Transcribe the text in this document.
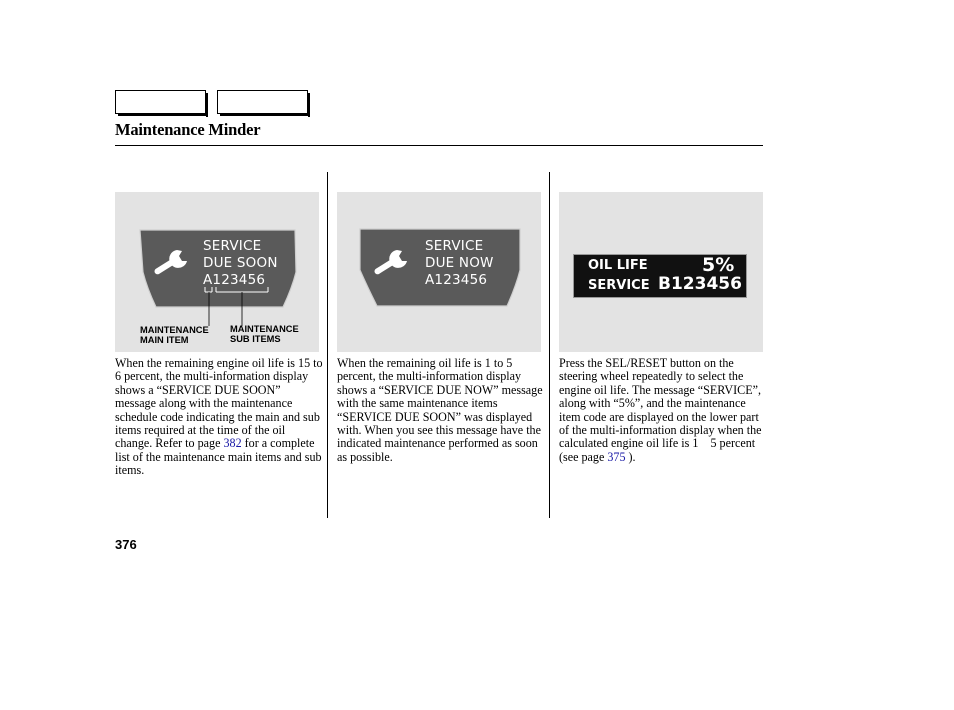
Maintenance Minder
SERVICE
DUE SOON
A123456
MAINTENANCE
MAIN ITEM
MAINTENANCE
SUB ITEMS
SERVICE
DUE NOW
A123456
OIL LIFE	5%
SERVICE B123456
When the remaining engine oil life is 15 to 6 percent, the multi-information display shows a “SERVICE DUE SOON” message along with the maintenance schedule code indicating the main and sub items required at the time of the oil change. Refer to page 382 for a complete list of the maintenance main items and sub items.
When the remaining oil life is 1 to 5 percent, the multi-information display shows a “SERVICE DUE NOW” message with the same maintenance items “SERVICE DUE SOON” was displayed with. When you see this message have the indicated maintenance performed as soon as possible.
Press the SEL/RESET button on the steering wheel repeatedly to select the engine oil life. The message “SERVICE”, along with “5%”, and the maintenance item code are displayed on the lower part of the multi-information display when the calculated engine oil life is 1    5 percent (see page 375 ).
376
